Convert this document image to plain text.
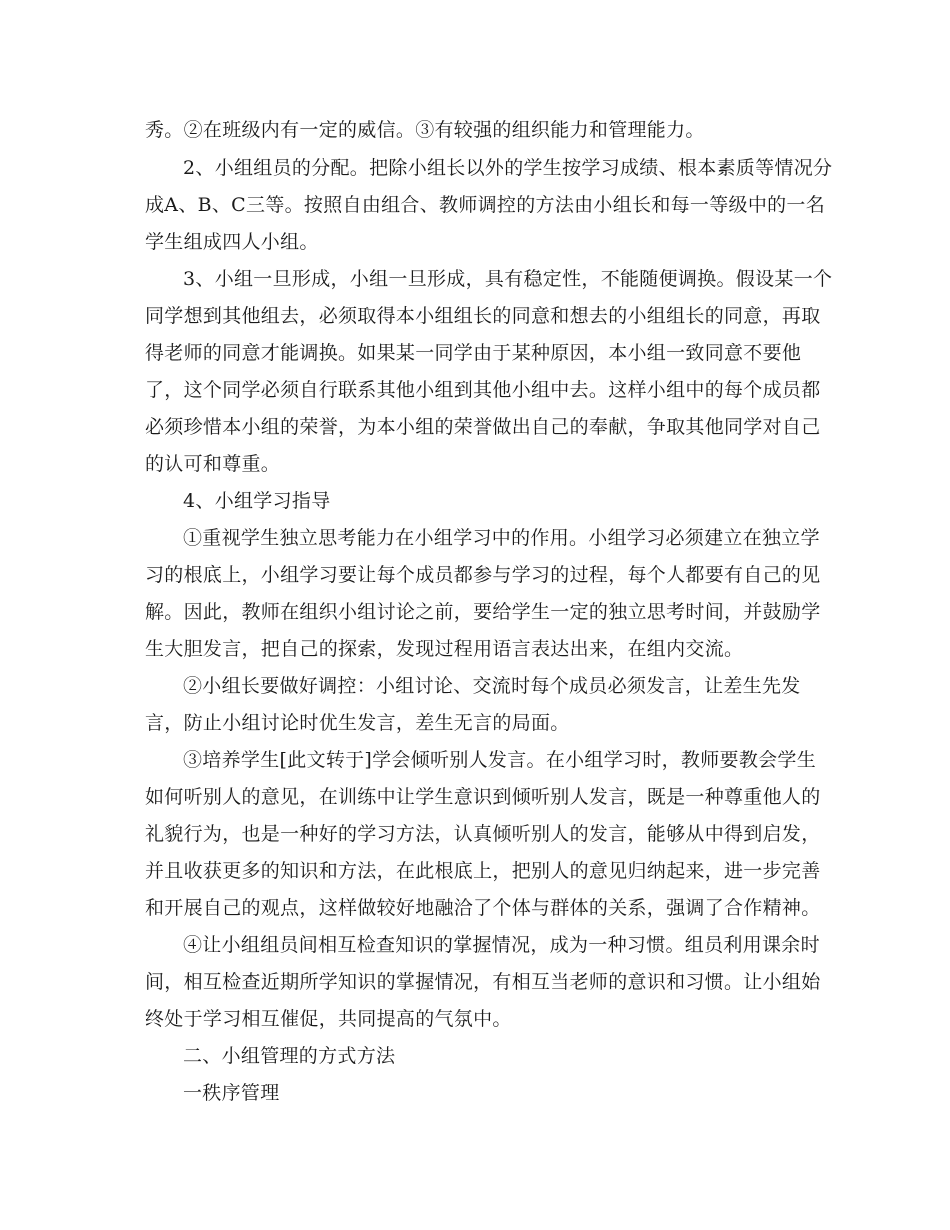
秀。②在班级内有一定的威信。③有较强的组织能力和管理能力。
2、小组组员的分配。把除小组长以外的学生按学习成绩、根本素质等情况分
成A、B、C三等。按照自由组合、教师调控的方法由小组长和每一等级中的一名
学生组成四人小组。
3、小组一旦形成，小组一旦形成，具有稳定性，不能随便调换。假设某一个
同学想到其他组去，必须取得本小组组长的同意和想去的小组组长的同意，再取
得老师的同意才能调换。如果某一同学由于某种原因，本小组一致同意不要他
了，这个同学必须自行联系其他小组到其他小组中去。这样小组中的每个成员都
必须珍惜本小组的荣誉，为本小组的荣誉做出自己的奉献，争取其他同学对自己
的认可和尊重。
4、小组学习指导
①重视学生独立思考能力在小组学习中的作用。小组学习必须建立在独立学
习的根底上，小组学习要让每个成员都参与学习的过程，每个人都要有自己的见
解。因此，教师在组织小组讨论之前，要给学生一定的独立思考时间，并鼓励学
生大胆发言，把自己的探索，发现过程用语言表达出来，在组内交流。
②小组长要做好调控：小组讨论、交流时每个成员必须发言，让差生先发
言，防止小组讨论时优生发言，差生无言的局面。
③培养学生[此文转于]学会倾听别人发言。在小组学习时，教师要教会学生
如何听别人的意见，在训练中让学生意识到倾听别人发言，既是一种尊重他人的
礼貌行为，也是一种好的学习方法，认真倾听别人的发言，能够从中得到启发，
并且收获更多的知识和方法，在此根底上，把别人的意见归纳起来，进一步完善
和开展自己的观点，这样做较好地融洽了个体与群体的关系，强调了合作精神。
④让小组组员间相互检查知识的掌握情况，成为一种习惯。组员利用课余时
间，相互检查近期所学知识的掌握情况，有相互当老师的意识和习惯。让小组始
终处于学习相互催促，共同提高的气氛中。
二、小组管理的方式方法
一秩序管理
